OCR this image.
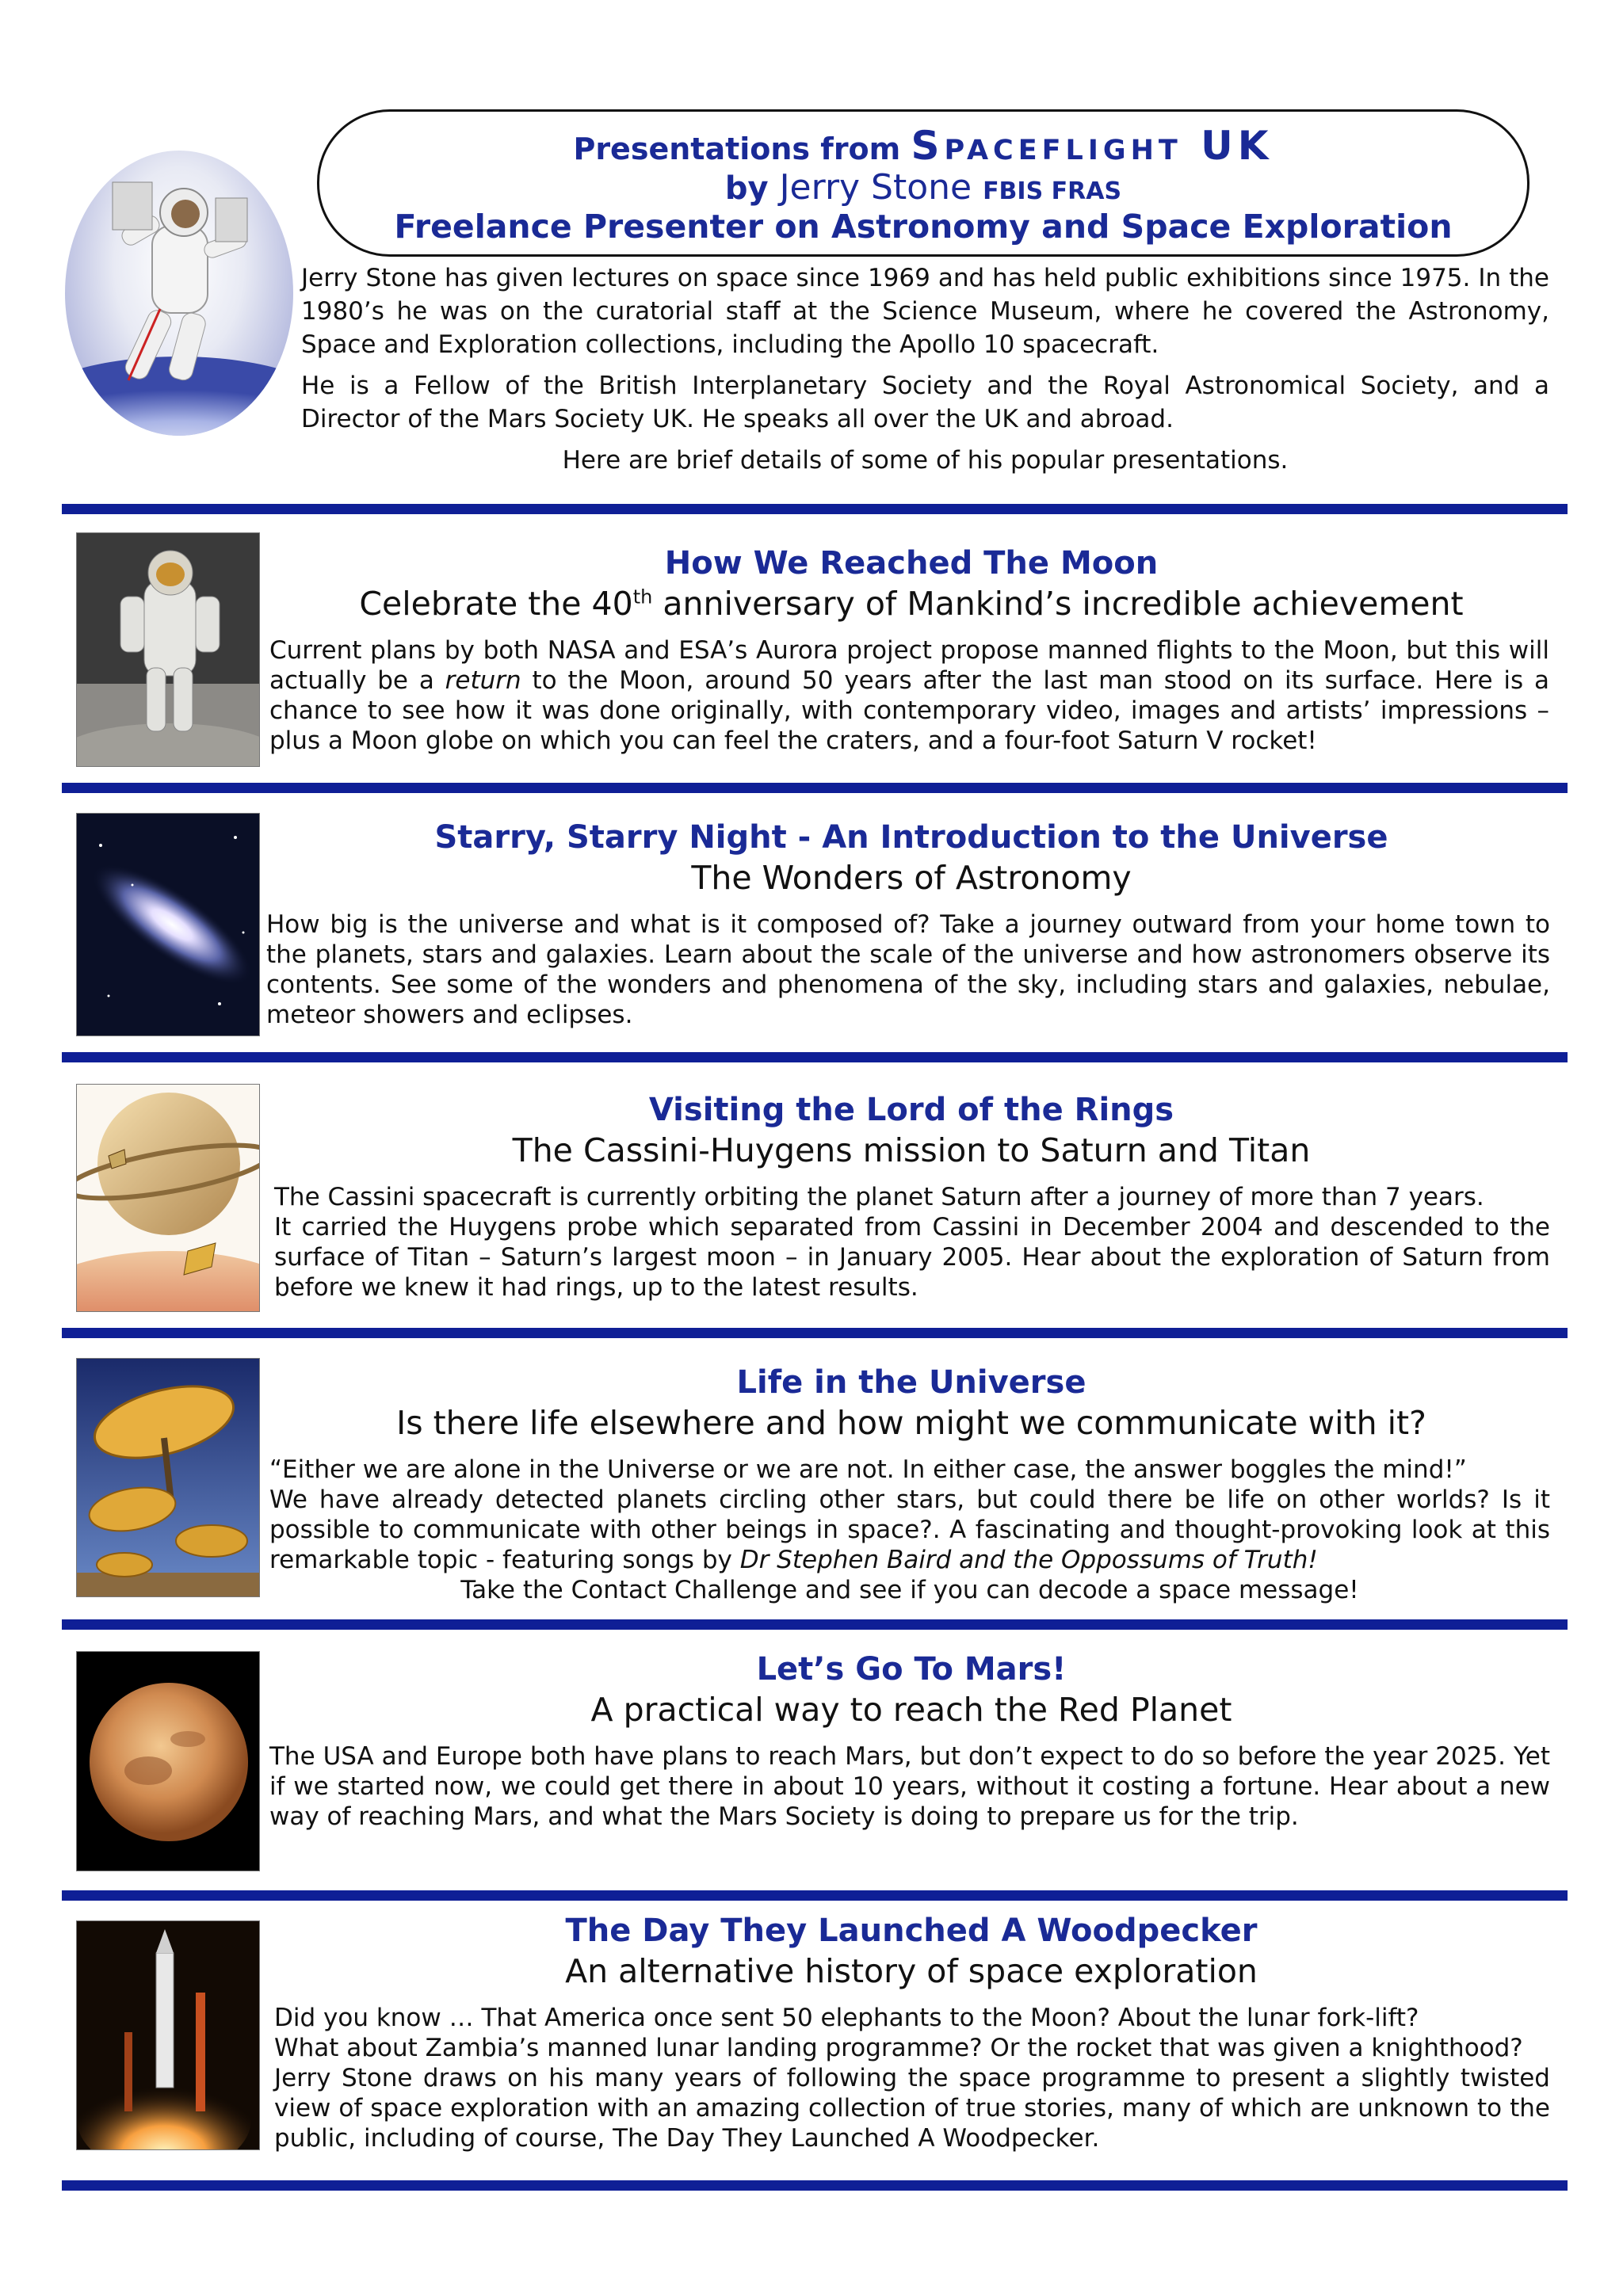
Presentations from Spaceflight UK
by Jerry Stone FBIS FRAS
Freelance Presenter on Astronomy and Space Exploration
Jerry Stone has given lectures on space since 1969 and has held public exhibitions since 1975. In the 1980’s he was on the curatorial staff at the Science Museum, where he covered the Astronomy, Space and Exploration collections, including the Apollo 10 spacecraft.
He is a Fellow of the British Interplanetary Society and the Royal Astronomical Society, and a Director of the Mars Society UK. He speaks all over the UK and abroad.
Here are brief details of some of his popular presentations.
How We Reached The Moon
Celebrate the 40th anniversary of Mankind’s incredible achievement
Current plans by both NASA and ESA’s Aurora project propose manned flights to the Moon, but this will actually be a return to the Moon, around 50 years after the last man stood on its surface. Here is a chance to see how it was done originally, with contemporary video, images and artists’ impressions – plus a Moon globe on which you can feel the craters, and a four-foot Saturn V rocket!
Starry, Starry Night - An Introduction to the Universe
The Wonders of Astronomy
How big is the universe and what is it composed of? Take a journey outward from your home town to the planets, stars and galaxies. Learn about the scale of the universe and how astronomers observe its contents. See some of the wonders and phenomena of the sky, including stars and galaxies, nebulae, meteor showers and eclipses.
Visiting the Lord of the Rings
The Cassini-Huygens mission to Saturn and Titan
The Cassini spacecraft is currently orbiting the planet Saturn after a journey of more than 7 years.
It carried the Huygens probe which separated from Cassini in December 2004 and descended to the surface of Titan – Saturn’s largest moon – in January 2005. Hear about the exploration of Saturn from before we knew it had rings, up to the latest results.
Life in the Universe
Is there life elsewhere and how might we communicate with it?
“Either we are alone in the Universe or we are not. In either case, the answer boggles the mind!”
We have already detected planets circling other stars, but could there be life on other worlds? Is it possible to communicate with other beings in space?. A fascinating and thought-provoking look at this remarkable topic - featuring songs by Dr Stephen Baird and the Oppossums of Truth!
Take the Contact Challenge and see if you can decode a space message!
Let’s Go To Mars!
A practical way to reach the Red Planet
The USA and Europe both have plans to reach Mars, but don’t expect to do so before the year 2025. Yet if we started now, we could get there in about 10 years, without it costing a fortune. Hear about a new way of reaching Mars, and what the Mars Society is doing to prepare us for the trip.
The Day They Launched A Woodpecker
An alternative history of space exploration
Did you know … That America once sent 50 elephants to the Moon? About the lunar fork-lift?
What about Zambia’s manned lunar landing programme? Or the rocket that was given a knighthood?
Jerry Stone draws on his many years of following the space programme to present a slightly twisted view of space exploration with an amazing collection of true stories, many of which are unknown to the public, including of course, The Day They Launched A Woodpecker.
